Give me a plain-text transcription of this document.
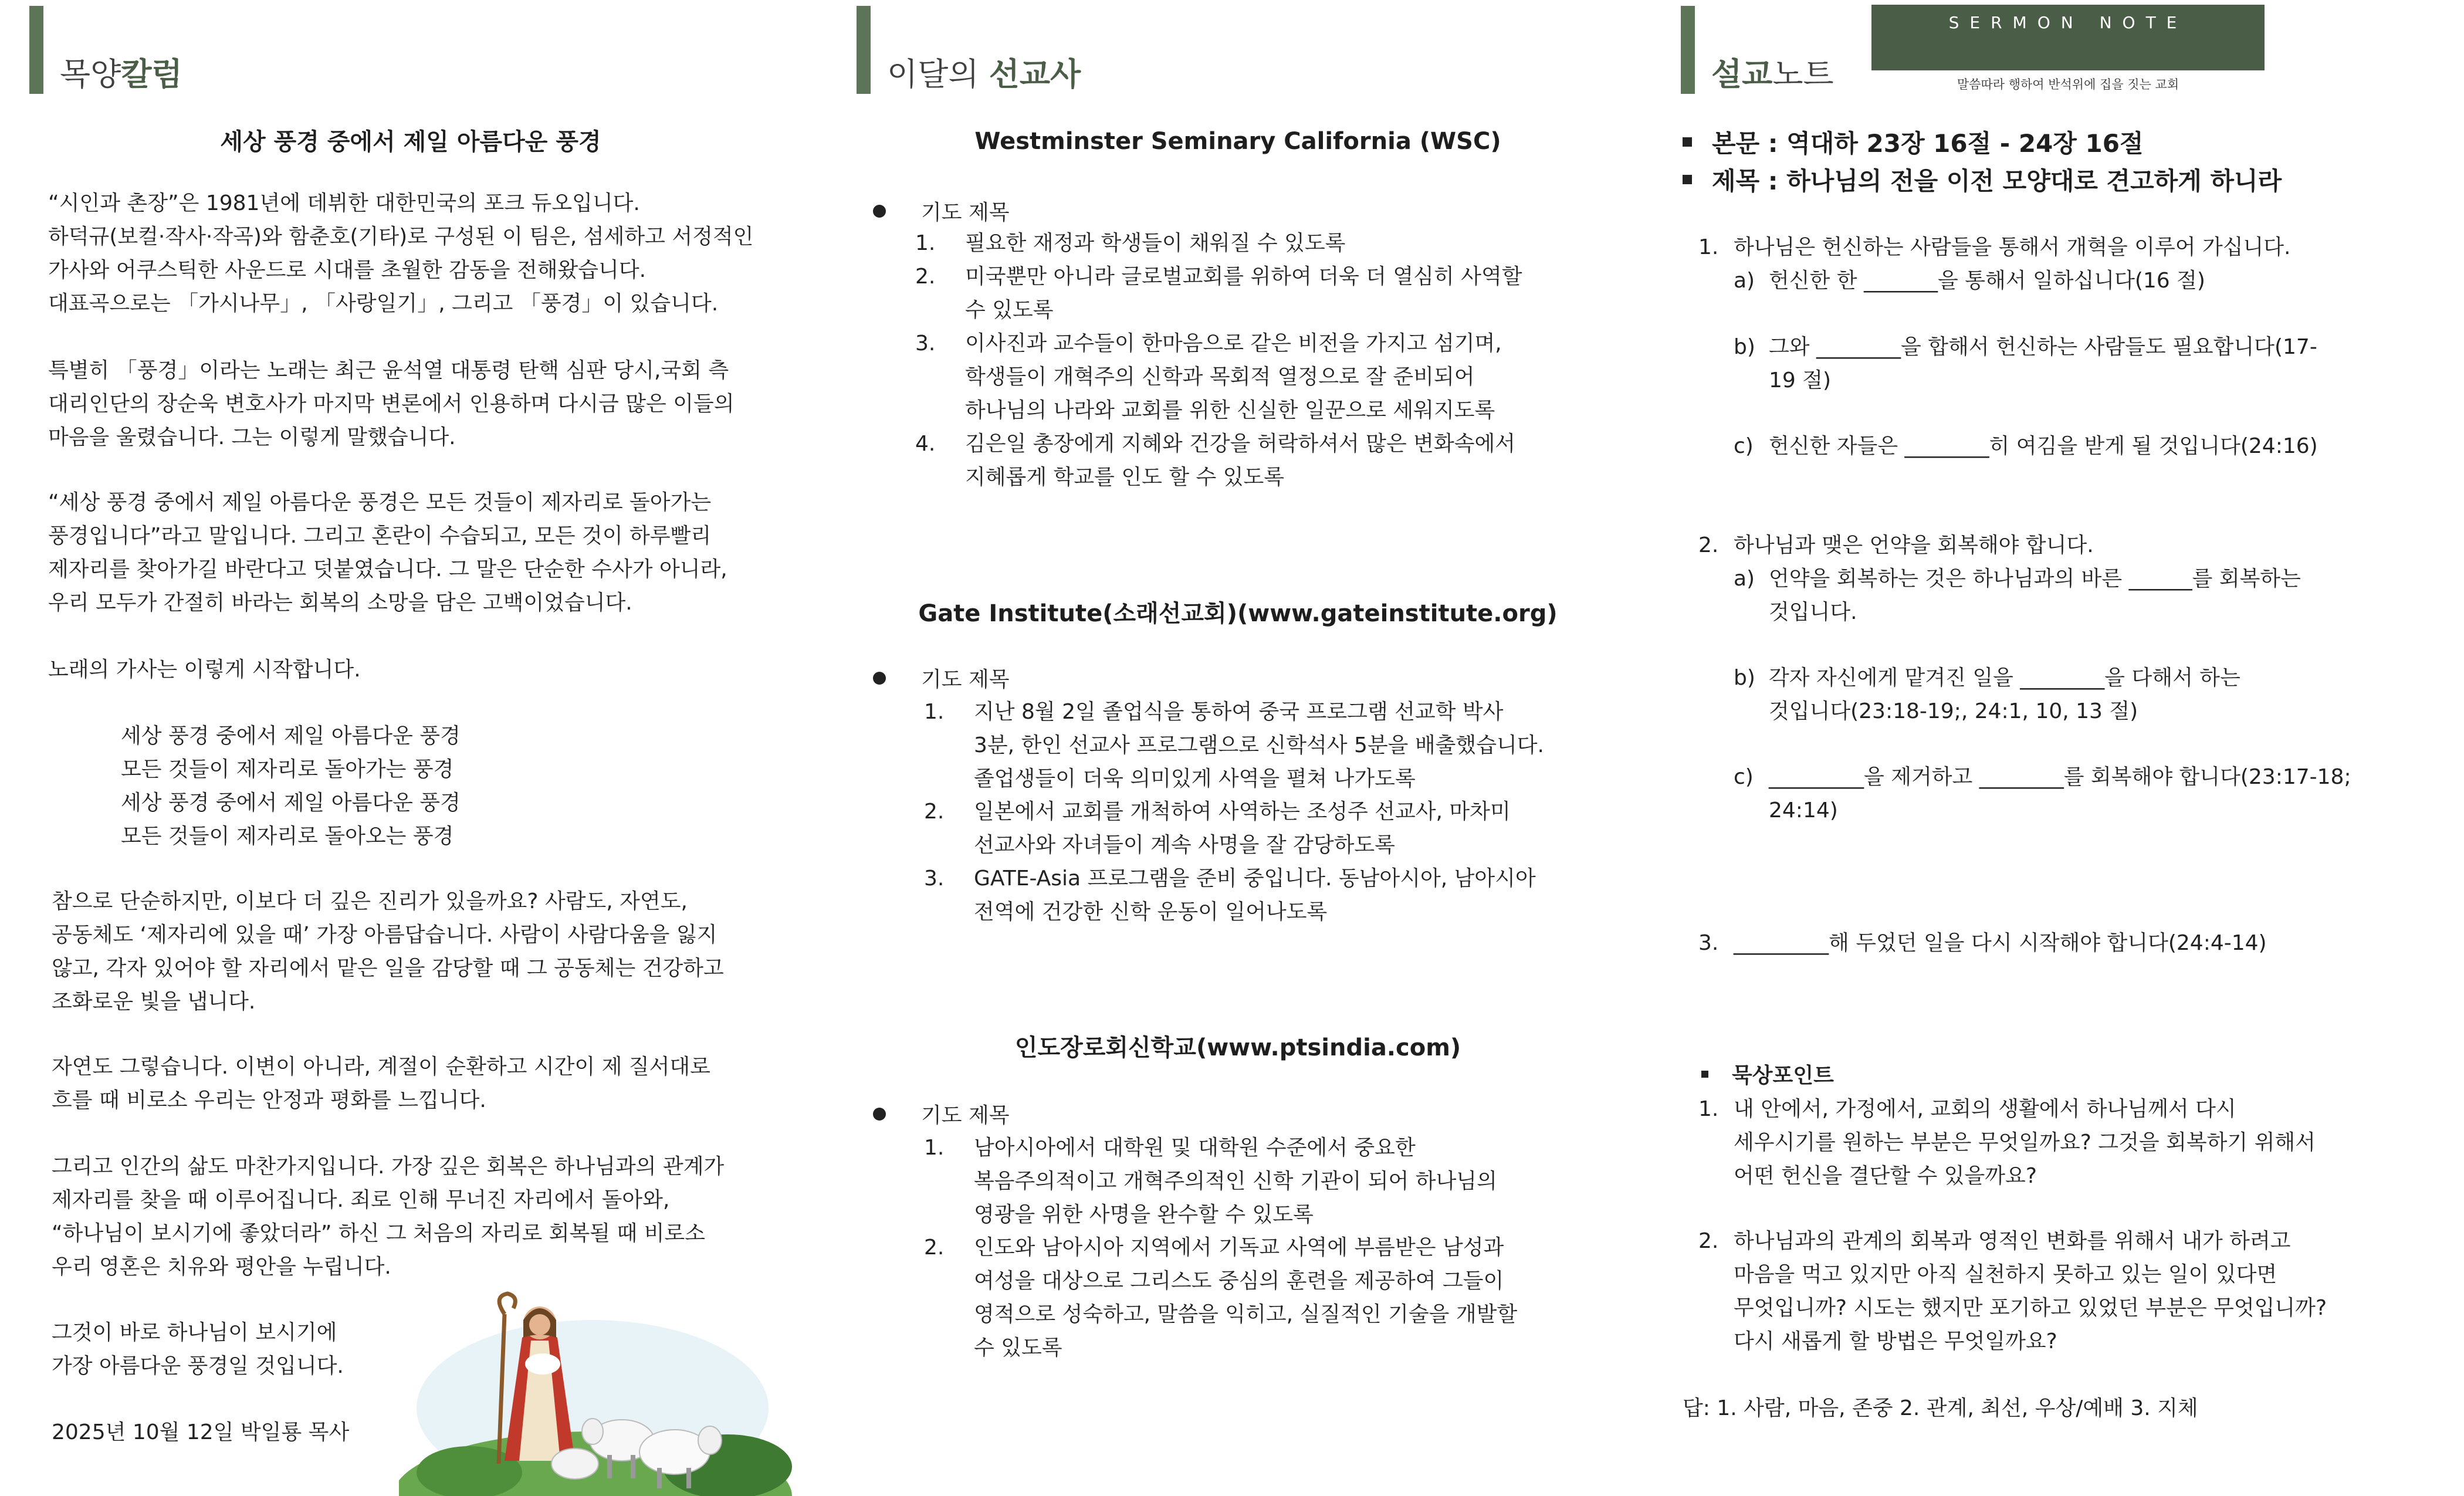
목양칼럼
세상 풍경 중에서 제일 아름다운 풍경

“시인과 촌장”은 1981년에 데뷔한 대한민국의 포크 듀오입니다.

하덕규(보컬·작사·작곡)와 함춘호(기타)로 구성된 이 팀은, 섬세하고 서정적인

가사와 어쿠스틱한 사운드로 시대를 초월한 감동을 전해왔습니다.

대표곡으로는 「가시나무」, 「사랑일기」, 그리고 「풍경」이 있습니다.

특별히 「풍경」이라는 노래는 최근 윤석열 대통령 탄핵 심판 당시,국회 측

대리인단의 장순욱 변호사가 마지막 변론에서 인용하며 다시금 많은 이들의

마음을 울렸습니다. 그는 이렇게 말했습니다.

“세상 풍경 중에서 제일 아름다운 풍경은 모든 것들이 제자리로 돌아가는

풍경입니다”라고 말입니다. 그리고 혼란이 수습되고, 모든 것이 하루빨리

제자리를 찾아가길 바란다고 덧붙였습니다. 그 말은 단순한 수사가 아니라,

우리 모두가 간절히 바라는 회복의 소망을 담은 고백이었습니다.

노래의 가사는 이렇게 시작합니다.

세상 풍경 중에서 제일 아름다운 풍경

모든 것들이 제자리로 돌아가는 풍경

세상 풍경 중에서 제일 아름다운 풍경

모든 것들이 제자리로 돌아오는 풍경

참으로 단순하지만, 이보다 더 깊은 진리가 있을까요? 사람도, 자연도,

공동체도 ‘제자리에 있을 때’ 가장 아름답습니다. 사람이 사람다움을 잃지

않고, 각자 있어야 할 자리에서 맡은 일을 감당할 때 그 공동체는 건강하고

조화로운 빛을 냅니다.

자연도 그렇습니다. 이변이 아니라, 계절이 순환하고 시간이 제 질서대로

흐를 때 비로소 우리는 안정과 평화를 느낍니다.

그리고 인간의 삶도 마찬가지입니다. 가장 깊은 회복은 하나님과의 관계가

제자리를 찾을 때 이루어집니다. 죄로 인해 무너진 자리에서 돌아와,

“하나님이 보시기에 좋았더라” 하신 그 처음의 자리로 회복될 때 비로소

우리 영혼은 치유와 평안을 누립니다.

그것이 바로 하나님이 보시기에

가장 아름다운 풍경일 것입니다.

2025년 10월 12일 박일룡 목사

이달의 선교사
Westminster Seminary California (WSC)
기도 제목
1. 필요한 재정과 학생들이 채워질 수 있도록

2. 미국뿐만 아니라 글로벌교회를 위하여 더욱 더 열심히 사역할

수 있도록

3. 이사진과 교수들이 한마음으로 같은 비전을 가지고 섬기며,

학생들이 개혁주의 신학과 목회적 열정으로 잘 준비되어

하나님의 나라와 교회를 위한 신실한 일꾼으로 세워지도록

4. 김은일 총장에게 지혜와 건강을 허락하셔서 많은 변화속에서

지혜롭게 학교를 인도 할 수 있도록

Gate Institute(소래선교회)(www.gateinstitute.org)
기도 제목
1. 지난 8월 2일 졸업식을 통하여 중국 프로그램 선교학 박사

3분, 한인 선교사 프로그램으로 신학석사 5분을 배출했습니다.

졸업생들이 더욱 의미있게 사역을 펼쳐 나가도록

2. 일본에서 교회를 개척하여 사역하는 조성주 선교사, 마차미

선교사와 자녀들이 계속 사명을 잘 감당하도록

3. GATE-Asia 프로그램을 준비 중입니다. 동남아시아, 남아시아

전역에 건강한 신학 운동이 일어나도록

인도장로회신학교(www.ptsindia.com)
기도 제목
1. 남아시아에서 대학원 및 대학원 수준에서 중요한

복음주의적이고 개혁주의적인 신학 기관이 되어 하나님의

영광을 위한 사명을 완수할 수 있도록

2. 인도와 남아시아 지역에서 기독교 사역에 부름받은 남성과

여성을 대상으로 그리스도 중심의 훈련을 제공하여 그들이

영적으로 성숙하고, 말씀을 익히고, 실질적인 기술을 개발할

수 있도록

설교노트
SERMON NOTE
말씀따라 행하여 반석위에 집을 짓는 교회
본문 : 역대하 23장 16절 - 24장 16절
제목 : 하나님의 전을 이전 모양대로 견고하게 하니라
1. 하나님은 헌신하는 사람들을 통해서 개혁을 이루어 가십니다.

a) 헌신한 한 _______을 통해서 일하십니다(16 절)

b) 그와 ________을 합해서 헌신하는 사람들도 필요합니다(17-

19 절)

c) 헌신한 자들은 ________히 여김을 받게 될 것입니다(24:16)

2. 하나님과 맺은 언약을 회복해야 합니다.

a) 언약을 회복하는 것은 하나님과의 바른 ______를 회복하는

것입니다.

b) 각자 자신에게 맡겨진 일을 ________을 다해서 하는

것입니다(23:18-19;, 24:1, 10, 13 절)

c) _________을 제거하고 ________를 회복해야 합니다(23:17-18;

24:14)

3. _________해 두었던 일을 다시 시작해야 합니다(24:4-14)

묵상포인트
1. 내 안에서, 가정에서, 교회의 생활에서 하나님께서 다시

세우시기를 원하는 부분은 무엇일까요? 그것을 회복하기 위해서

어떤 헌신을 결단할 수 있을까요?

2. 하나님과의 관계의 회복과 영적인 변화를 위해서 내가 하려고

마음을 먹고 있지만 아직 실천하지 못하고 있는 일이 있다면

무엇입니까? 시도는 했지만 포기하고 있었던 부분은 무엇입니까?

다시 새롭게 할 방법은 무엇일까요?

답: 1. 사람, 마음, 존중 2. 관계, 최선, 우상/예배 3. 지체
